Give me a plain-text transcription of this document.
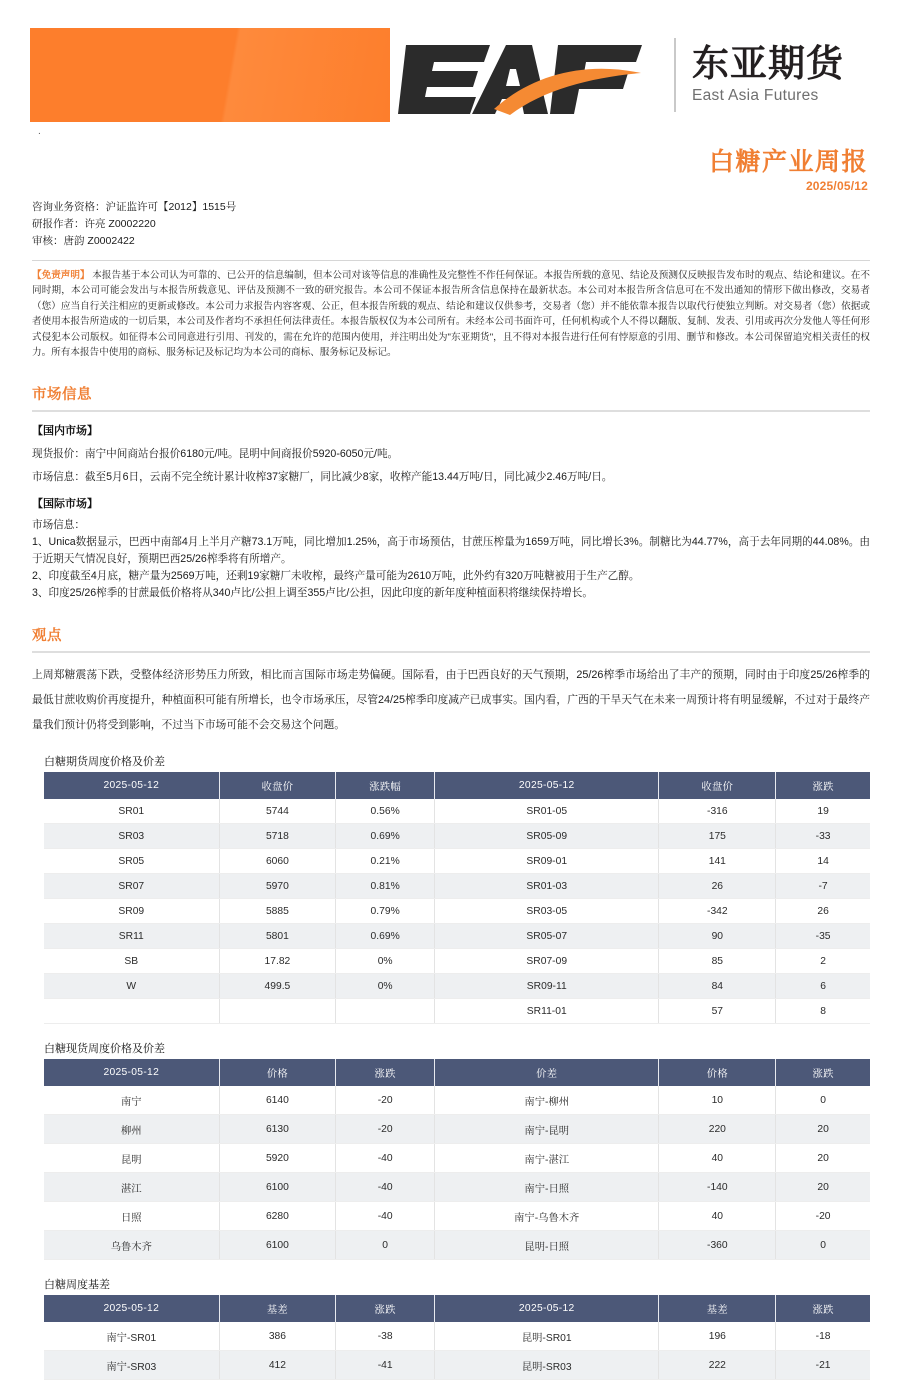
东亚期货
East Asia Futures
.
白糖产业周报
2025/05/12
咨询业务资格：沪证监许可【2012】1515号
研报作者：许亮 Z0002220
审核：唐韵 Z0002422
【免责声明】 本报告基于本公司认为可靠的、已公开的信息编制，但本公司对该等信息的准确性及完整性不作任何保证。本报告所载的意见、结论及预测仅反映报告发布时的观点、结论和建议。在不同时期，本公司可能会发出与本报告所载意见、评估及预测不一致的研究报告。本公司不保证本报告所含信息保持在最新状态。本公司对本报告所含信息可在不发出通知的情形下做出修改，交易者（您）应当自行关注相应的更新或修改。本公司力求报告内容客观、公正，但本报告所载的观点、结论和建议仅供参考，交易者（您）并不能依靠本报告以取代行使独立判断。对交易者（您）依据或者使用本报告所造成的一切后果，本公司及作者均不承担任何法律责任。本报告版权仅为本公司所有。未经本公司书面许可，任何机构或个人不得以翻版、复制、发表、引用或再次分发他人等任何形式侵犯本公司版权。如征得本公司同意进行引用、刊发的，需在允许的范围内使用，并注明出处为"东亚期货"，且不得对本报告进行任何有悖原意的引用、删节和修改。本公司保留追究相关责任的权力。所有本报告中使用的商标、服务标记及标记均为本公司的商标、服务标记及标记。
市场信息
【国内市场】

现货报价：南宁中间商站台报价6180元/吨。昆明中间商报价5920-6050元/吨。

市场信息：截至5月6日，云南不完全统计累计收榨37家糖厂，同比减少8家，收榨产能13.44万吨/日，同比减少2.46万吨/日。

【国际市场】

市场信息：

1、Unica数据显示，巴西中南部4月上半月产糖73.1万吨，同比增加1.25%，高于市场预估，甘蔗压榨量为1659万吨，同比增长3%。制糖比为44.77%，高于去年同期的44.08%。由于近期天气情况良好，预期巴西25/26榨季将有所增产。

2、印度截至4月底，糖产量为2569万吨，还剩19家糖厂未收榨，最终产量可能为2610万吨，此外约有320万吨糖被用于生产乙醇。

3、印度25/26榨季的甘蔗最低价格将从340卢比/公担上调至355卢比/公担，因此印度的新年度种植面积将继续保持增长。

观点

上周郑糖震荡下跌，受整体经济形势压力所致，相比而言国际市场走势偏硬。国际看，由于巴西良好的天气预期，25/26榨季市场给出了丰产的预期，同时由于印度25/26榨季的最低甘蔗收购价再度提升，种植面积可能有所增长，也令市场承压，尽管24/25榨季印度减产已成事实。国内看，广西的干旱天气在未来一周预计将有明显缓解，不过对于最终产量我们预计仍将受到影响，不过当下市场可能不会交易这个问题。

白糖期货周度价格及价差
2025-05-12	收盘价	涨跌幅	2025-05-12	收盘价	涨跌
SR01	5744	0.56%	SR01-05	-316	19
SR03	5718	0.69%	SR05-09	175	-33
SR05	6060	0.21%	SR09-01	141	14
SR07	5970	0.81%	SR01-03	26	-7
SR09	5885	0.79%	SR03-05	-342	26
SR11	5801	0.69%	SR05-07	90	-35
SB	17.82	0%	SR07-09	85	2
W	499.5	0%	SR09-11	84	6
			SR11-01	57	8
白糖现货周度价格及价差
2025-05-12	价格	涨跌	价差	价格	涨跌
南宁	6140	-20	南宁-柳州	10	0
柳州	6130	-20	南宁-昆明	220	20
昆明	5920	-40	南宁-湛江	40	20
湛江	6100	-40	南宁-日照	-140	20
日照	6280	-40	南宁-乌鲁木齐	40	-20
乌鲁木齐	6100	0	昆明-日照	-360	0
白糖周度基差
2025-05-12	基差	涨跌	2025-05-12	基差	涨跌
南宁-SR01	386	-38	昆明-SR01	196	-18
南宁-SR03	412	-41	昆明-SR03	222	-21
